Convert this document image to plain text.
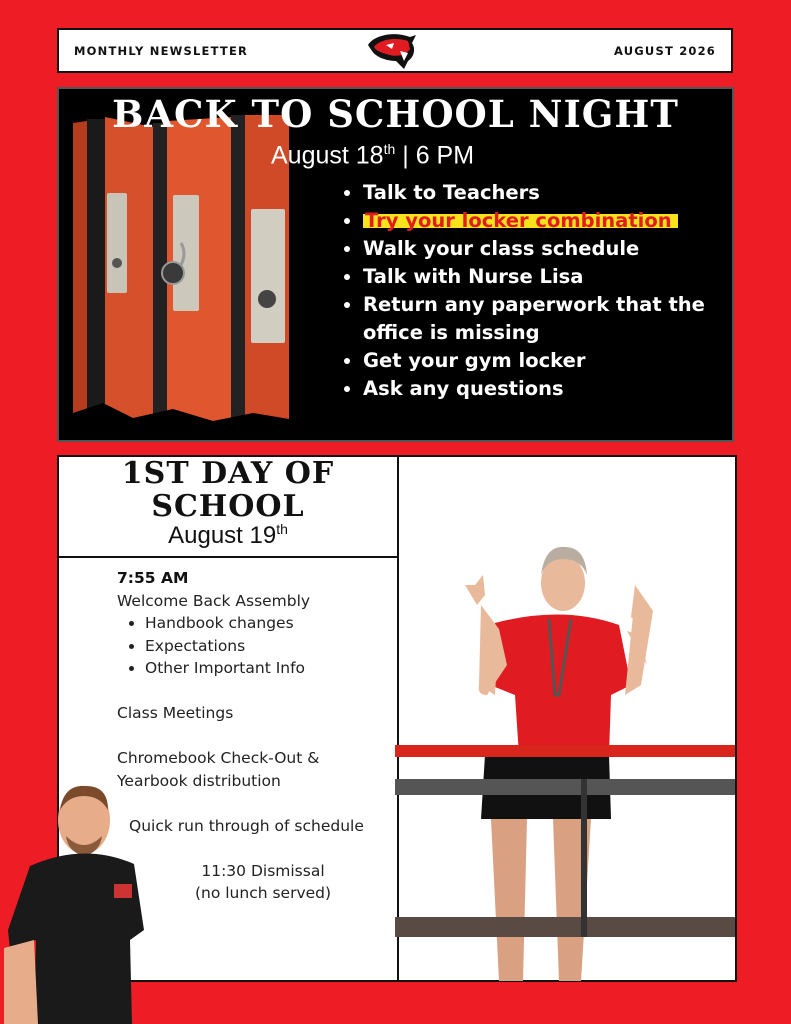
MONTHLY NEWSLETTER	AUGUST 2026
BACK TO SCHOOL NIGHT
August 18th | 6 PM
• Talk to Teachers
• Try your locker combination
• Walk your class schedule
• Talk with Nurse Lisa
• Return any paperwork that the office is missing
• Get your gym locker
• Ask any questions
1ST DAY OF
SCHOOL
August 19th
7:55 AM
Welcome Back Assembly
• Handbook changes
• Expectations
• Other Important Info
Class Meetings
Chromebook Check-Out &
Yearbook distribution
Quick run through of schedule
11:30 Dismissal
(no lunch served)
